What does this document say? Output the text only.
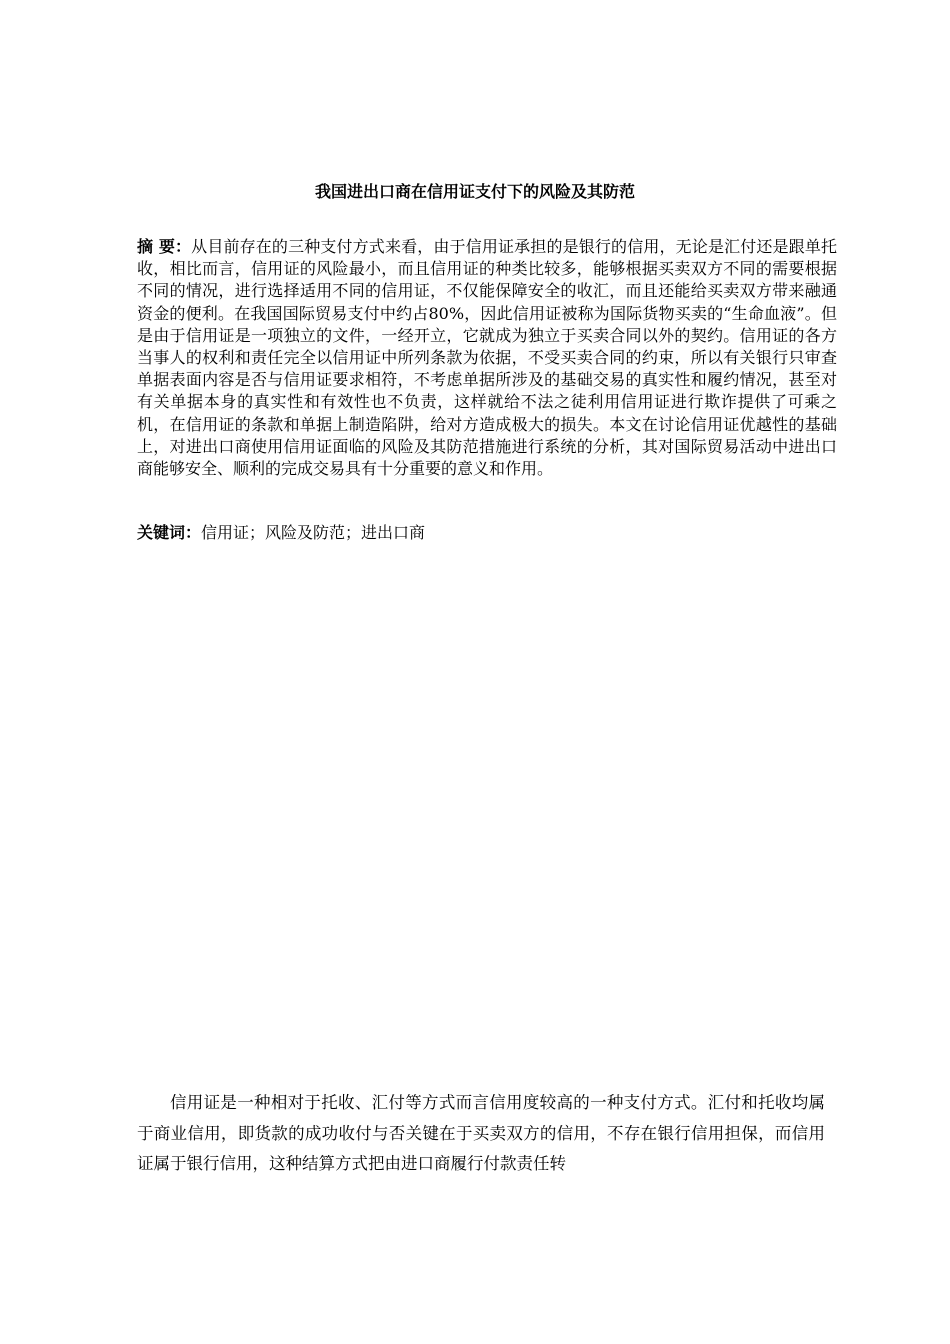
我国进出口商在信用证支付下的风险及其防范

摘 要：从目前存在的三种支付方式来看，由于信用证承担的是银行的信用，无论是汇付还是跟单托收，相比而言，信用证的风险最小，而且信用证的种类比较多，能够根据买卖双方不同的需要根据不同的情况，进行选择适用不同的信用证，不仅能保障安全的收汇，而且还能给买卖双方带来融通资金的便利。在我国国际贸易支付中约占80%，因此信用证被称为国际货物买卖的“生命血液”。但是由于信用证是一项独立的文件，一经开立，它就成为独立于买卖合同以外的契约。信用证的各方当事人的权利和责任完全以信用证中所列条款为依据，不受买卖合同的约束，所以有关银行只审查单据表面内容是否与信用证要求相符，不考虑单据所涉及的基础交易的真实性和履约情况，甚至对有关单据本身的真实性和有效性也不负责，这样就给不法之徒利用信用证进行欺诈提供了可乘之机，在信用证的条款和单据上制造陷阱，给对方造成极大的损失。本文在讨论信用证优越性的基础上，对进出口商使用信用证面临的风险及其防范措施进行系统的分析，其对国际贸易活动中进出口商能够安全、顺利的完成交易具有十分重要的意义和作用。

关键词：信用证；风险及防范；进出口商

信用证是一种相对于托收、汇付等方式而言信用度较高的一种支付方式。汇付和托收均属于商业信用，即货款的成功收付与否关键在于买卖双方的信用，不存在银行信用担保，而信用证属于银行信用，这种结算方式把由进口商履行付款责任转
